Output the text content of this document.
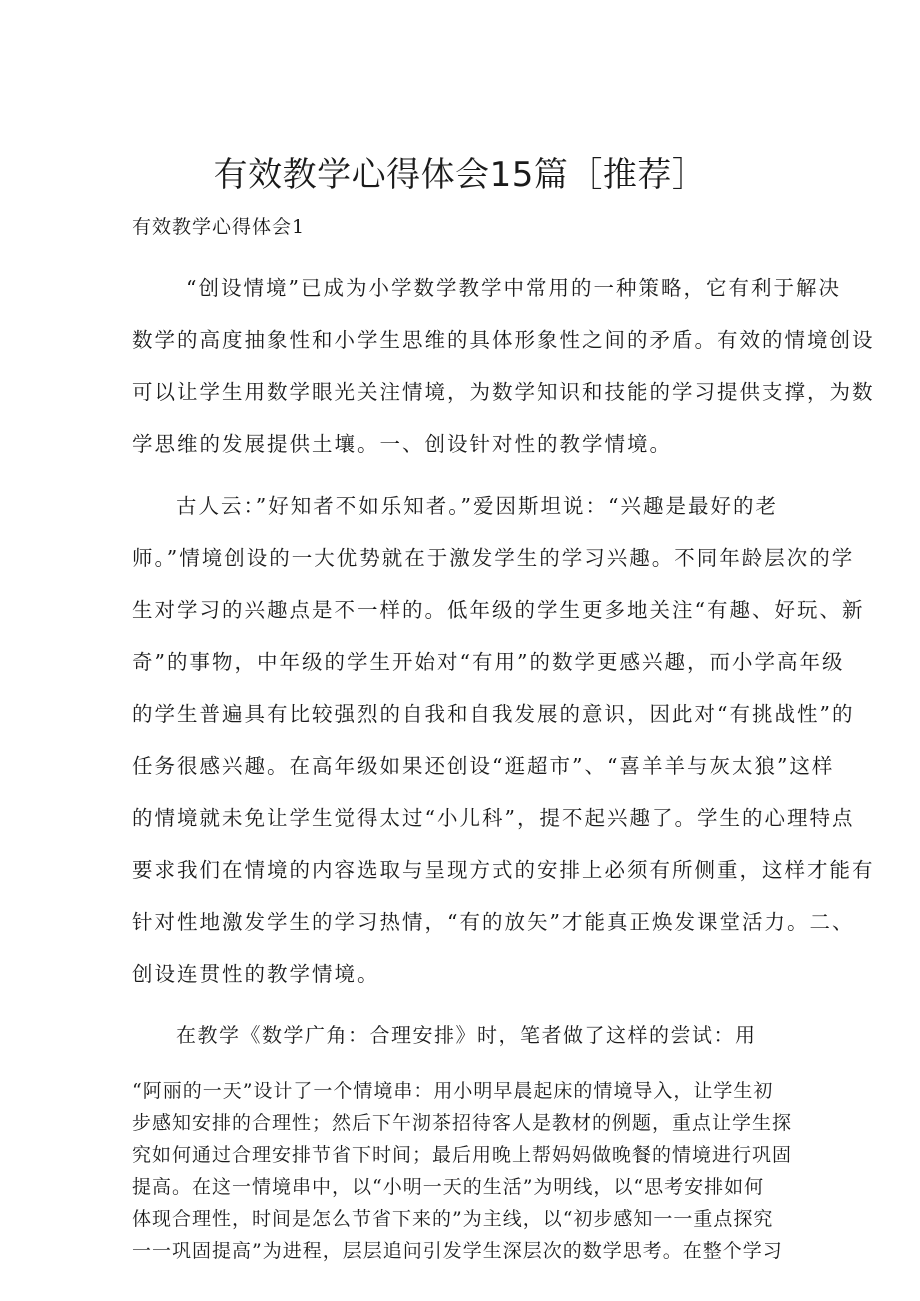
有效教学心得体会15篇［推荐］

有效教学心得体会1

“创设情境”已成为小学数学教学中常用的一种策略，它有利于解决

数学的高度抽象性和小学生思维的具体形象性之间的矛盾。有效的情境创设

可以让学生用数学眼光关注情境，为数学知识和技能的学习提供支撑，为数

学思维的发展提供土壤。一、创设针对性的教学情境。

古人云：”好知者不如乐知者。”爱因斯坦说：“兴趣是最好的老

师。”情境创设的一大优势就在于激发学生的学习兴趣。不同年龄层次的学

生对学习的兴趣点是不一样的。低年级的学生更多地关注“有趣、好玩、新

奇”的事物，中年级的学生开始对“有用”的数学更感兴趣，而小学高年级

的学生普遍具有比较强烈的自我和自我发展的意识，因此对“有挑战性”的

任务很感兴趣。在高年级如果还创设“逛超市”、“喜羊羊与灰太狼”这样

的情境就未免让学生觉得太过“小儿科”，提不起兴趣了。学生的心理特点

要求我们在情境的内容选取与呈现方式的安排上必须有所侧重，这样才能有

针对性地激发学生的学习热情，“有的放矢”才能真正焕发课堂活力。二、

创设连贯性的教学情境。

在教学《数学广角：合理安排》时，笔者做了这样的尝试：用

“阿丽的一天”设计了一个情境串：用小明早晨起床的情境导入，让学生初

步感知安排的合理性；然后下午沏茶招待客人是教材的例题，重点让学生探

究如何通过合理安排节省下时间；最后用晚上帮妈妈做晚餐的情境进行巩固

提高。在这一情境串中，以“小明一天的生活”为明线，以“思考安排如何

体现合理性，时间是怎么节省下来的”为主线，以“初步感知一一重点探究

一一巩固提高”为进程，层层追问引发学生深层次的数学思考。在整个学习
